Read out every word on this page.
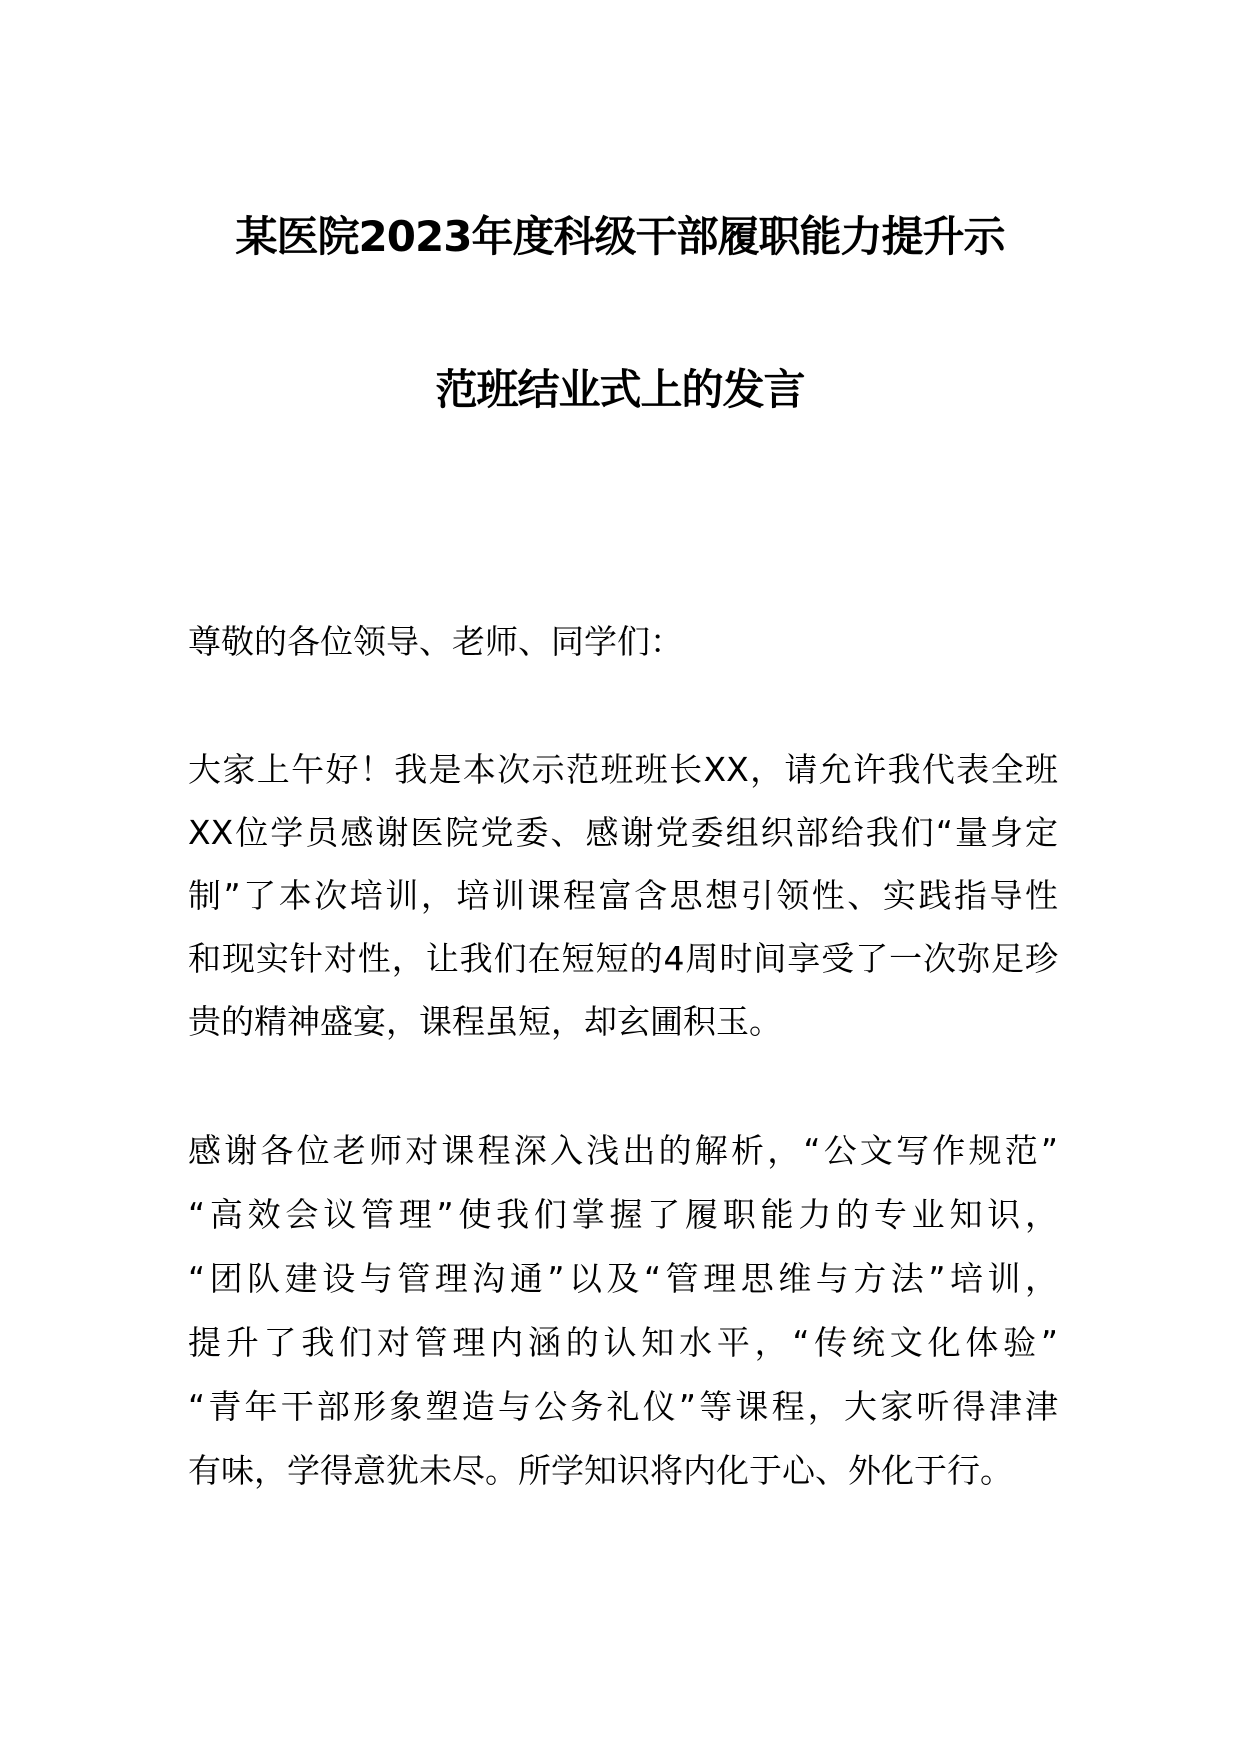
某医院2023年度科级干部履职能力提升示
范班结业式上的发言
尊敬的各位领导、老师、同学们：
大家上午好！我是本次示范班班长XX，请允许我代表全班
XX位学员感谢医院党委、感谢党委组织部给我们“量身定
制”了本次培训，培训课程富含思想引领性、实践指导性
和现实针对性，让我们在短短的4周时间享受了一次弥足珍
贵的精神盛宴，课程虽短，却玄圃积玉。
感谢各位老师对课程深入浅出的解析，“公文写作规范”
“高效会议管理”使我们掌握了履职能力的专业知识，
“团队建设与管理沟通”以及“管理思维与方法”培训，
提升了我们对管理内涵的认知水平，“传统文化体验”
“青年干部形象塑造与公务礼仪”等课程，大家听得津津
有味，学得意犹未尽。所学知识将内化于心、外化于行。
